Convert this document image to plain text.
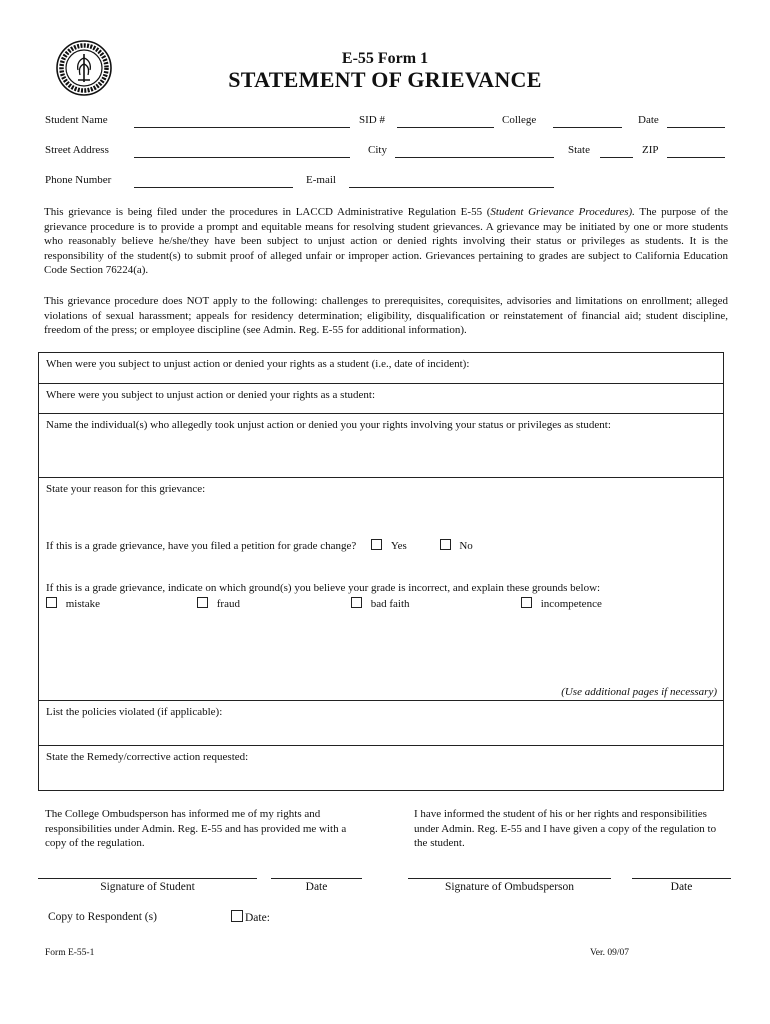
E-55 Form 1
STATEMENT OF GRIEVANCE
Student Name	SID #	College	Date
Street Address	City	State	ZIP
Phone Number	E-mail
This grievance is being filed under the procedures in LACCD Administrative Regulation E-55 (Student Grievance Procedures). The purpose of the grievance procedure is to provide a prompt and equitable means for resolving student grievances. A grievance may be initiated by one or more students who reasonably believe he/she/they have been subject to unjust action or denied rights involving their status or privileges as students. It is the responsibility of the student(s) to submit proof of alleged unfair or improper action. Grievances pertaining to grades are subject to California Education Code Section 76224(a).
This grievance procedure does NOT apply to the following: challenges to prerequisites, corequisites, advisories and limitations on enrollment; alleged violations of sexual harassment; appeals for residency determination; eligibility, disqualification or reinstatement of financial aid; student discipline, freedom of the press; or employee discipline (see Admin. Reg. E-55 for additional information).
When were you subject to unjust action or denied your rights as a student (i.e., date of incident):
Where were you subject to unjust action or denied your rights as a student:
Name the individual(s) who allegedly took unjust action or denied you your rights involving your status or privileges as student:
State your reason for this grievance:
If this is a grade grievance, have you filed a petition for grade change?	Yes	No
If this is a grade grievance, indicate on which ground(s) you believe your grade is incorrect, and explain these grounds below:
mistake	fraud	bad faith	incompetence
(Use additional pages if necessary)
List the policies violated (if applicable):
State the Remedy/corrective action requested:
The College Ombudsperson has informed me of my rights and responsibilities under Admin. Reg. E-55 and has provided me with a copy of the regulation.
I have informed the student of his or her rights and responsibilities under Admin. Reg. E-55 and I have given a copy of the regulation to the student.
Signature of Student	Date	Signature of Ombudsperson	Date
Copy to Respondent (s)	Date:
Form E-55-1	Ver. 09/07
